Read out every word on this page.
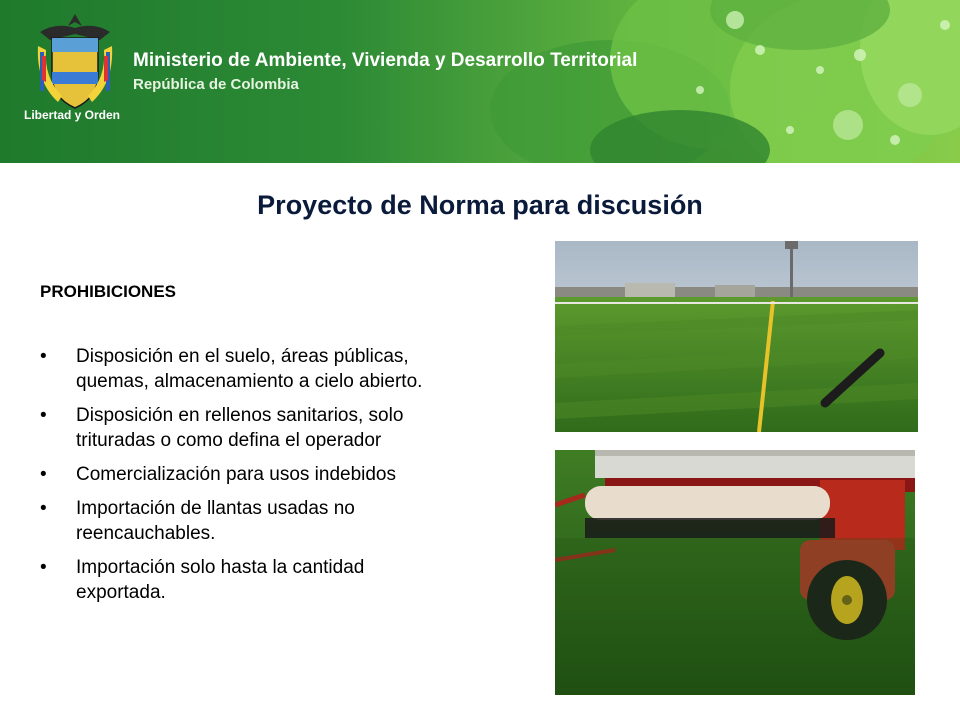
Libertad y Orden
Ministerio de Ambiente, Vivienda y Desarrollo Territorial
República de Colombia
Proyecto de Norma para discusión
PROHIBICIONES
• Disposición en el suelo, áreas públicas,
quemas, almacenamiento a cielo abierto.
• Disposición en rellenos sanitarios, solo
trituradas o como defina el operador
• Comercialización para usos indebidos
• Importación de llantas usadas no
reencauchables.
• Importación solo hasta la cantidad
exportada.
